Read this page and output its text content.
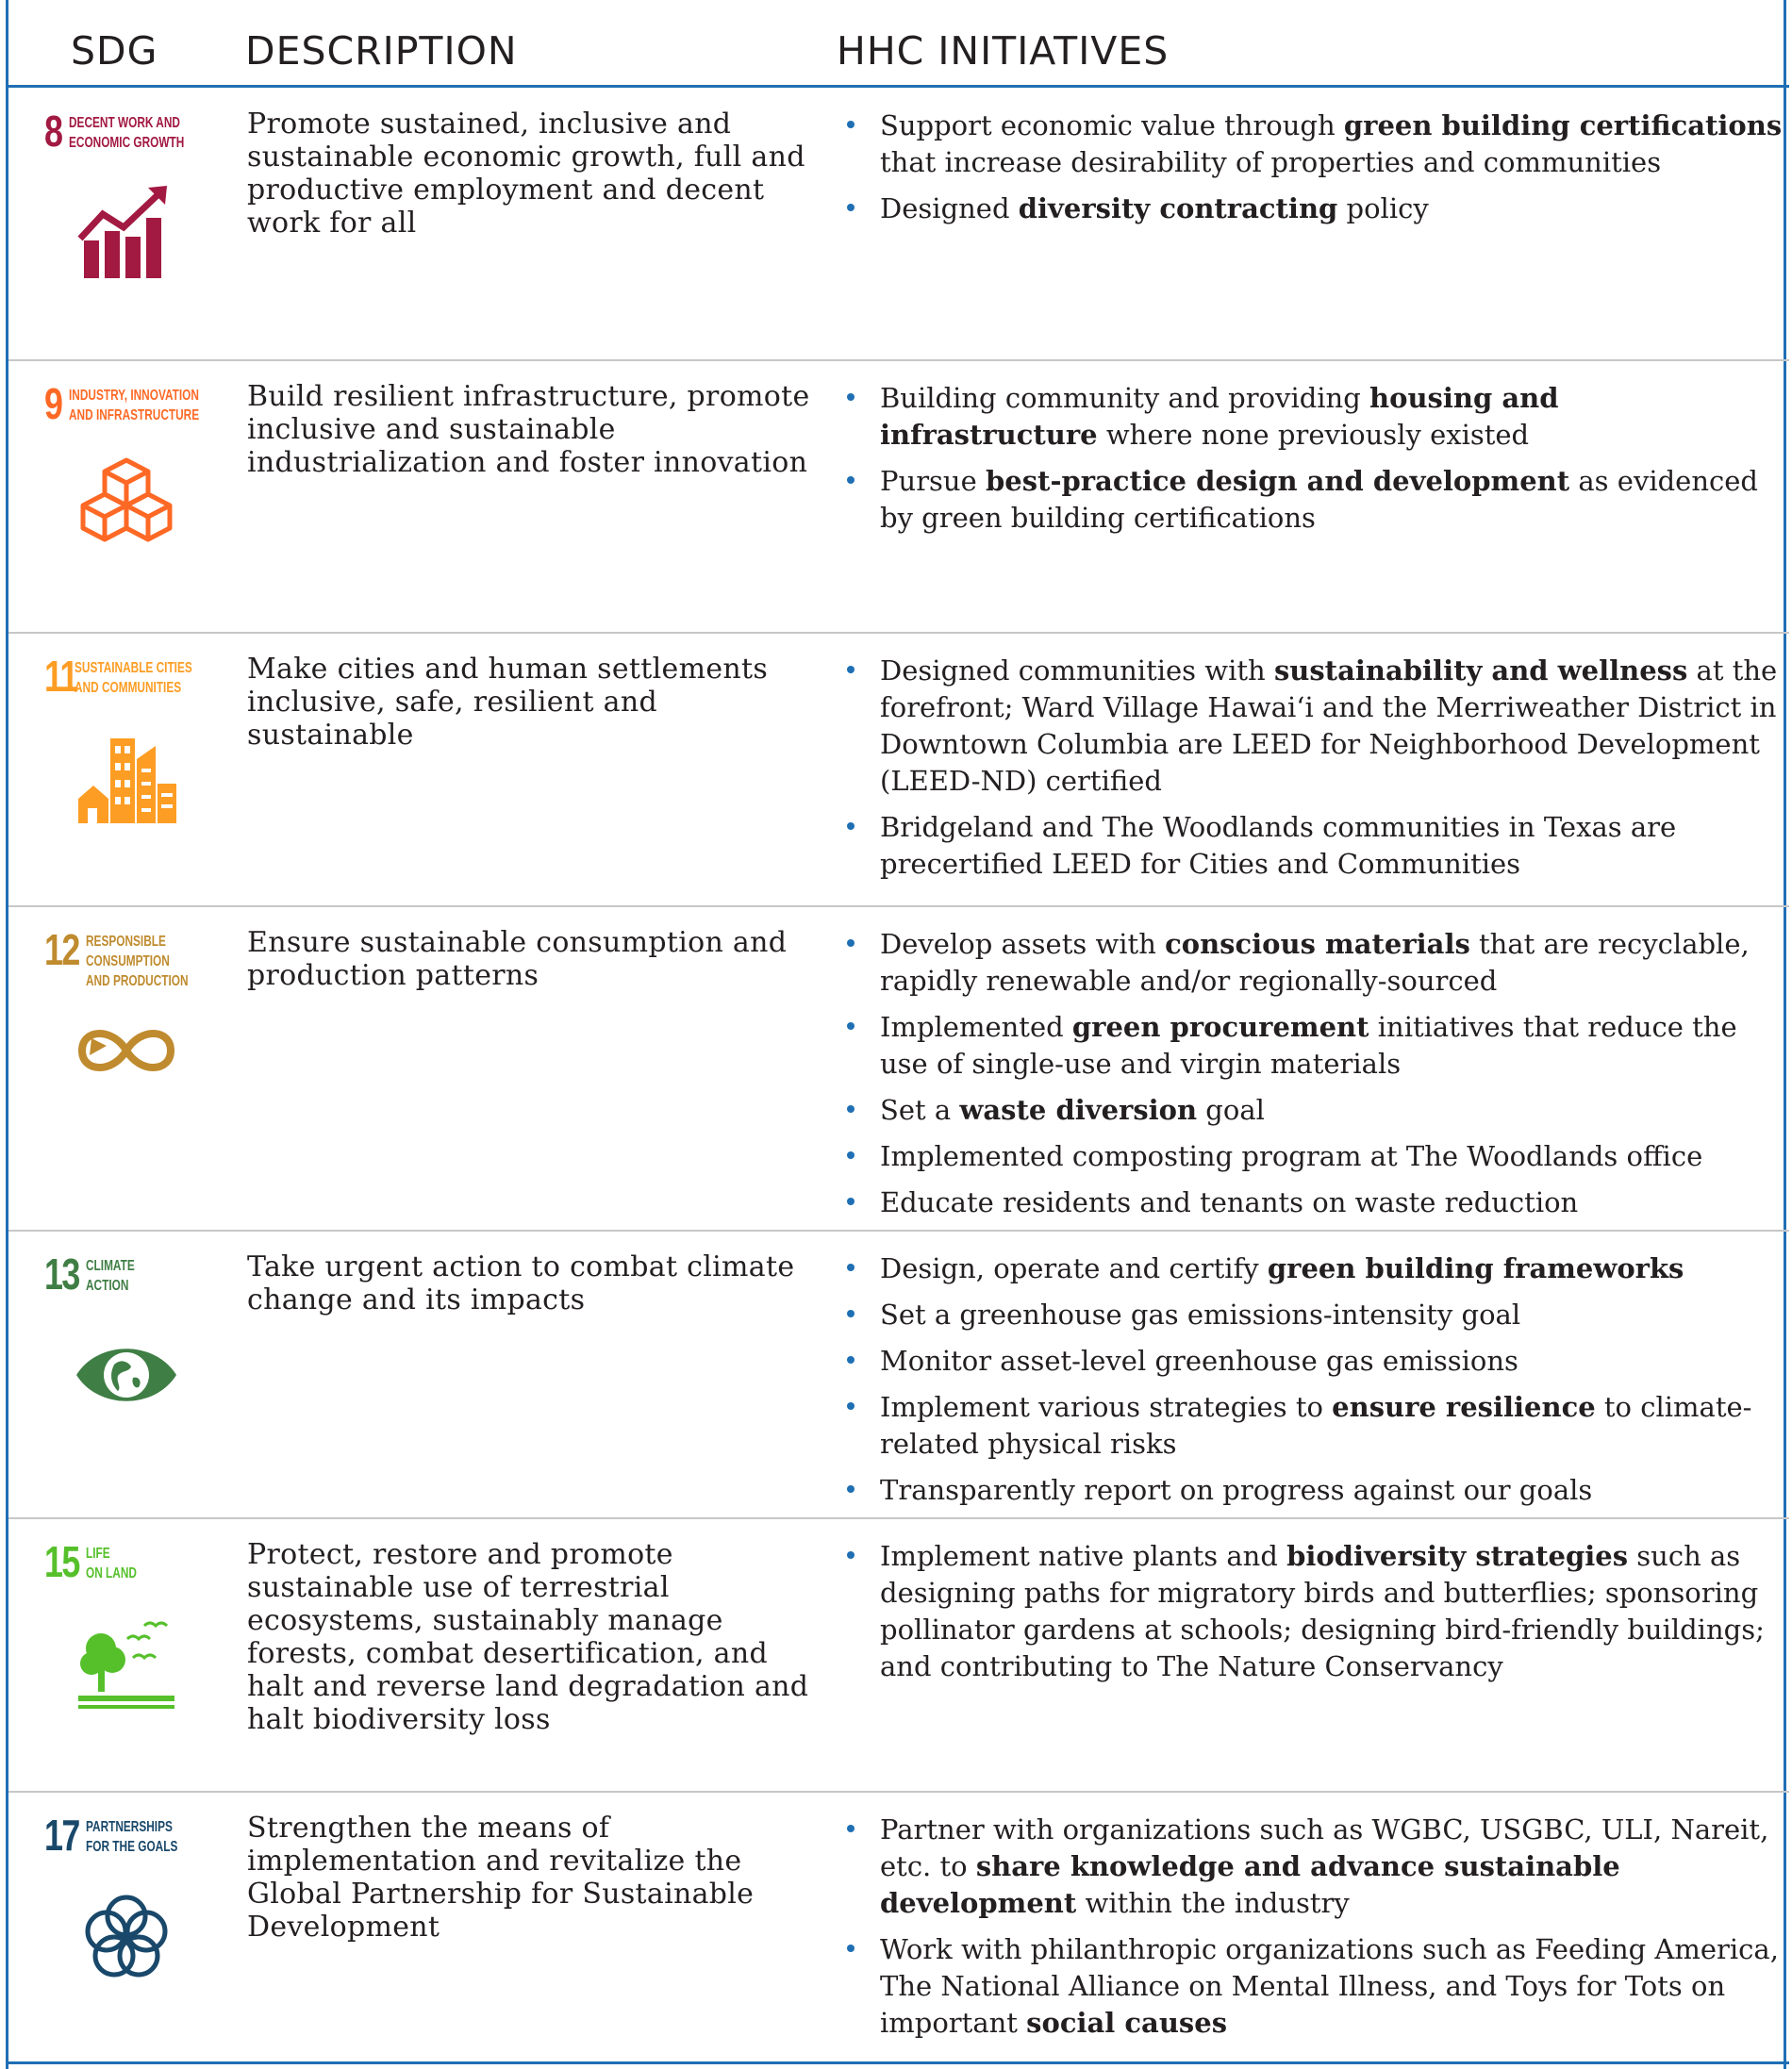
SDG DESCRIPTION	HHC INITIATIVES
8 DECENT WORK AND
ECONOMIC GROWTH
Promote sustained, inclusive and sustainable economic growth, full and productive employment and decent work for all
Support economic value through green building certifications that increase desirability of properties and communities
Designed diversity contracting policy
9 INDUSTRY, INNOVATION
AND INFRASTRUCTURE
Build resilient infrastructure, promote inclusive and sustainable industrialization and foster innovation
Building community and providing housing and infrastructure where none previously existed
Pursue best-practice design and development as evidenced by green building certifications
11
SUSTAINABLE CITIES
AND COMMUNITIES
Make cities and human settlements inclusive, safe, resilient and sustainable
Designed communities with sustainability and wellness at the forefront; Ward Village Hawai‘i and the Merriweather District in Downtown Columbia are LEED for Neighborhood Development (LEED-ND) certified
Bridgeland and The Woodlands communities in Texas are precertified LEED for Cities and Communities
12 RESPONSIBLE
CONSUMPTION
AND PRODUCTION
Ensure sustainable consumption and production patterns
Develop assets with conscious materials that are recyclable, rapidly renewable and/or regionally-sourced
Implemented green procurement initiatives that reduce the use of single-use and virgin materials
Set a waste diversion goal
Implemented composting program at The Woodlands office
Educate residents and tenants on waste reduction
13 CLIMATE
ACTION
Take urgent action to combat climate change and its impacts
Design, operate and certify green building frameworks
Set a greenhouse gas emissions-intensity goal
Monitor asset-level greenhouse gas emissions
Implement various strategies to ensure resilience to climate-related physical risks
Transparently report on progress against our goals
15 LIFE
ON LAND
Protect, restore and promote sustainable use of terrestrial ecosystems, sustainably manage forests, combat desertification, and halt and reverse land degradation and halt biodiversity loss
Implement native plants and biodiversity strategies such as designing paths for migratory birds and butterflies; sponsoring pollinator gardens at schools; designing bird-friendly buildings; and contributing to The Nature Conservancy
17 PARTNERSHIPS
FOR THE GOALS
Strengthen the means of implementation and revitalize the Global Partnership for Sustainable Development
Partner with organizations such as WGBC, USGBC, ULI, Nareit, etc. to share knowledge and advance sustainable development within the industry
Work with philanthropic organizations such as Feeding America, The National Alliance on Mental Illness, and Toys for Tots on important social causes
